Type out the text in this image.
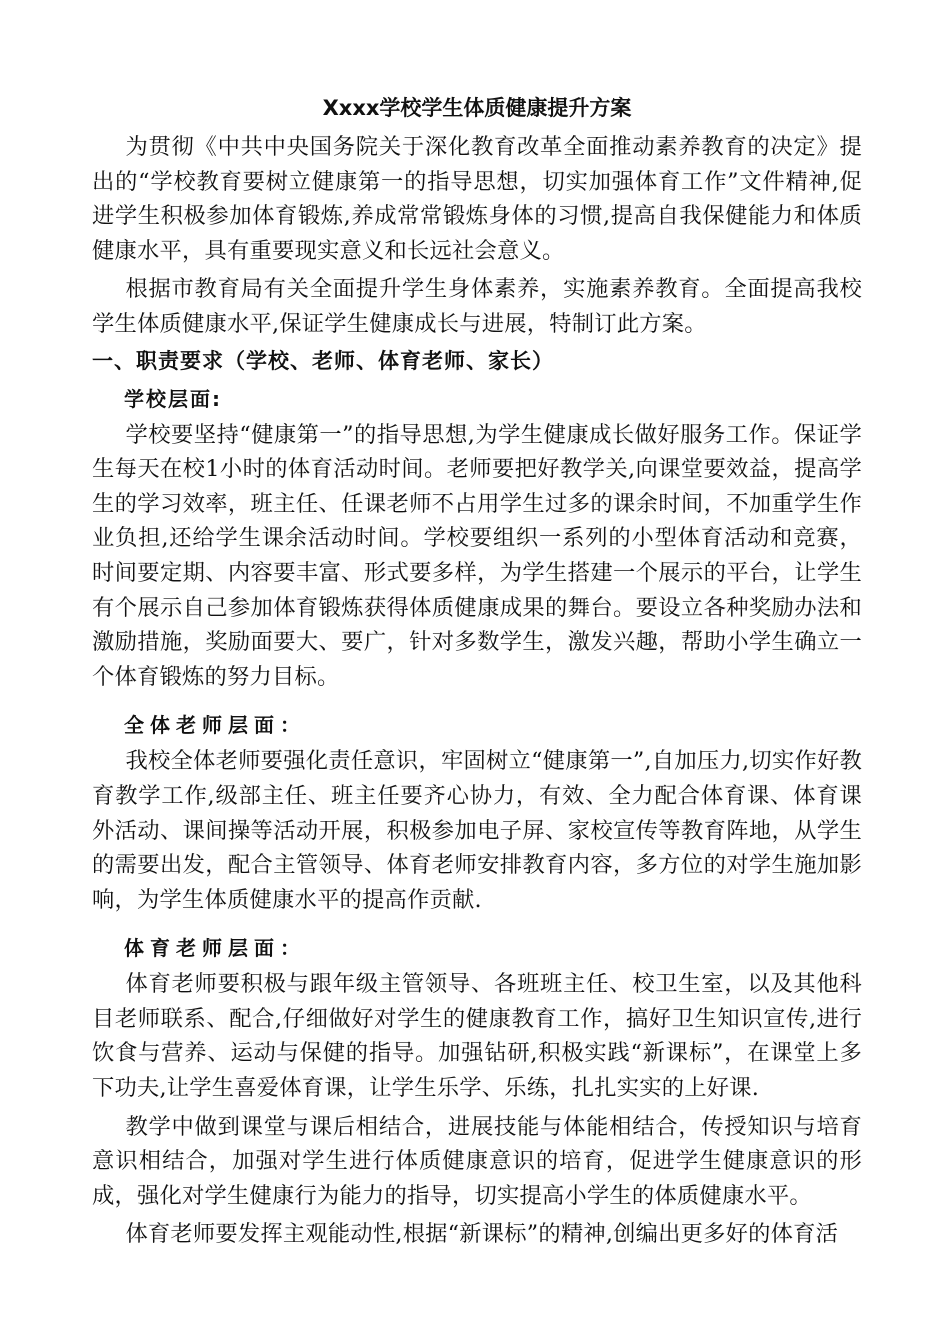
Xxxx学校学生体质健康提升方案

为贯彻《中共中央国务院关于深化教育改革全面推动素养教育的决定》提出的“学校教育要树立健康第一的指导思想，切实加强体育工作”文件精神,促进学生积极参加体育锻炼,养成常常锻炼身体的习惯,提高自我保健能力和体质健康水平，具有重要现实意义和长远社会意义。

根据市教育局有关全面提升学生身体素养，实施素养教育。全面提高我校学生体质健康水平,保证学生健康成长与进展，特制订此方案。

一、职责要求（学校、老师、体育老师、家长）
学校层面:

学校要坚持“健康第一”的指导思想,为学生健康成长做好服务工作。保证学生每天在校1小时的体育活动时间。老师要把好教学关,向课堂要效益，提高学生的学习效率，班主任、任课老师不占用学生过多的课余时间，不加重学生作业负担,还给学生课余活动时间。学校要组织一系列的小型体育活动和竞赛，时间要定期、内容要丰富、形式要多样，为学生搭建一个展示的平台，让学生有个展示自己参加体育锻炼获得体质健康成果的舞台。要设立各种奖励办法和激励措施，奖励面要大、要广，针对多数学生，激发兴趣，帮助小学生确立一个体育锻炼的努力目标。

全体老师层面：

我校全体老师要强化责任意识，牢固树立“健康第一”,自加压力,切实作好教育教学工作,级部主任、班主任要齐心协力，有效、全力配合体育课、体育课外活动、课间操等活动开展，积极参加电子屏、家校宣传等教育阵地，从学生的需要出发，配合主管领导、体育老师安排教育内容，多方位的对学生施加影响，为学生体质健康水平的提高作贡献.

体育老师层面：

体育老师要积极与跟年级主管领导、各班班主任、校卫生室，以及其他科目老师联系、配合,仔细做好对学生的健康教育工作，搞好卫生知识宣传,进行饮食与营养、运动与保健的指导。加强钻研,积极实践“新课标”，在课堂上多下功夫,让学生喜爱体育课，让学生乐学、乐练，扎扎实实的上好课.

教学中做到课堂与课后相结合，进展技能与体能相结合，传授知识与培育意识相结合，加强对学生进行体质健康意识的培育，促进学生健康意识的形成，强化对学生健康行为能力的指导，切实提高小学生的体质健康水平。

体育老师要发挥主观能动性,根据“新课标”的精神,创编出更多好的体育活
